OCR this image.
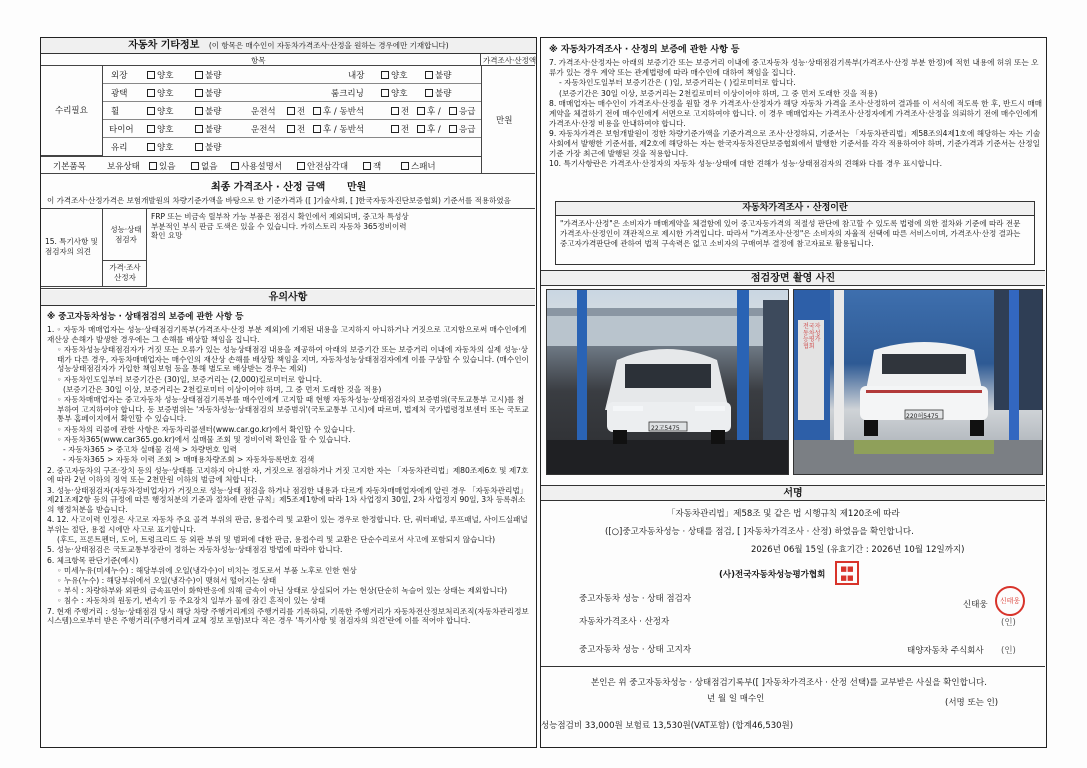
자동차 기타정보 (이 항목은 매수인이 자동차가격조사·산정을 원하는 경우에만 기재합니다)
항목	가격조사·산정액
수리필요
외장	양호	불량	내장	양호	불량
광택	양호	불량	룸크리닝	양호	불량
휠	양호	불량	운전석	전	후 / 동반석	전	후 /	응급
타이어	양호	불량	운전석	전	후 / 동반석	전	후 /	응급
유리	양호	불량
만원
기본품목 보유상태	있음	없음	사용설명서	안전삼각대	잭	스패너
최종 가격조사 · 산정 금액 만원
이 가격조사·산정가격은 보험개발원의 차량기준가액을 바탕으로 한 기준가격과 ([ ]기술사회, [ ]한국자동차진단보증협회) 기준서를 적용하였음
15. 특기사항 및 점검자의 의견
성능·상태 점검자
FRP 또는 비금속 릴부착 가능 부품은 점검시 확인에서 제외되며, 중고차 특성상 부분적인 부식 판금 도색은 있을 수 있습니다. 카히스토리 자동차 365정비이력 확인 요망
가격·조사 산정자
유의사항
※ 중고자동차성능 · 상태점검의 보증에 관한 사항 등
1. ◦ 자동차 매매업자는 성능·상태점검기록부(가격조사·산정 부분 제외)에 기재된 내용을 고지하지 아니하거나 거짓으로 고지함으로써 매수인에게 재산상 손해가 발생한 경우에는 그 손해를 배상할 책임을 집니다.
◦ 자동차성능상태점검자가 거짓 또는 오류가 있는 성능상태점검 내용을 제공하여 아래의 보증기간 또는 보증거리 이내에 자동차의 실제 성능·상태가 다른 경우, 자동차매매업자는 매수인의 재산상 손해를 배상할 책임을 지며, 자동차성능상태점검자에게 이를 구상할 수 있습니다. (매수인이 성능상태점검자가 가입한 책임보험 등을 통해 별도로 배상받는 경우는 제외)
◦ 자동차인도일부터 보증기간은 (30)일, 보증거리는 (2,000)킬로미터로 합니다.
(보증기간은 30일 이상, 보증거리는 2천킬로미터 이상이어야 하며, 그 중 먼저 도래한 것을 적용)
◦ 자동차매매업자는 중고자동차 성능·상태점검기록부를 매수인에게 고지할 때 현행 자동차성능·상태점검자의 보증범위(국토교통부 고시)를 첨부하여 고지하여야 합니다. 동 보증범위는 '자동차성능·상태점검의 보증범위'(국토교통부 고시)에 따르며, 법제처 국가법령정보센터 또는 국토교통부 홈페이지에서 확인할 수 있습니다.
◦ 자동차의 리콜에 관한 사항은 자동차리콜센터(www.car.go.kr)에서 확인할 수 있습니다.
◦ 자동차365(www.car365.go.kr)에서 실매물 조회 및 정비이력 확인을 할 수 있습니다.
- 자동차365 > 중고차 실매물 검색 > 차량번호 입력
- 자동차365 > 자동차 이력 조회 > 매매용차량조회 > 자동차등록번호 검색
2. 중고자동차의 구조·장치 등의 성능·상태를 고지하지 아니한 자, 거짓으로 점검하거나 거짓 고지한 자는 「자동차관리법」제80조제6호 및 제7호에 따라 2년 이하의 징역 또는 2천만원 이하의 벌금에 처합니다.
3. 성능·상태점검자(자동차정비업자)가 거짓으로 성능·상태 점검을 하거나 점검한 내용과 다르게 자동차매매업자에게 알린 경우 「자동차관리법」제21조제2항 등의 규정에 따른 행정처분의 기준과 절차에 관한 규칙」제5조제1항에 따라 1차 사업정지 30일, 2차 사업정지 90일, 3차 등록취소의 행정처분을 받습니다.
4. 12. 사고이력 인정은 사고로 자동차 주요 골격 부위의 판금, 용접수리 및 교환이 있는 경우로 한정합니다. 단, 쿼터패널, 루프패널, 사이드실패널 부위는 절단, 용접 시에만 사고로 표기합니다.
(후드, 프론트펜더, 도어, 트렁크리드 등 외판 부위 및 범퍼에 대한 판금, 용접수리 및 교환은 단순수리로서 사고에 포함되지 않습니다)
5. 성능·상태점검은 국토교통부장관이 정하는 자동차성능·상태점검 방법에 따라야 합니다.
6. 체크항목 판단기준(예시)
◦ 미세누유(미세누수) : 해당부위에 오일(냉각수)이 비치는 정도로서 부품 노후로 인한 현상
◦ 누유(누수) : 해당부위에서 오일(냉각수)이 맺혀서 떨어지는 상태
◦ 부식 : 차량하부와 외판의 금속표면이 화학반응에 의해 금속이 아닌 상태로 상실되어 가는 현상(단순히 녹슬어 있는 상태는 제외합니다)
◦ 침수 : 자동차의 원동기, 변속기 등 주요장치 일부가 물에 잠긴 흔적이 있는 상태
7. 현재 주행거리 : 성능·상태점검 당시 해당 차량 주행거리계의 주행거리를 기록하되, 기록한 주행거리가 자동차전산정보처리조직(자동차관리정보시스템)으로부터 받은 주행거리(주행거리계 교체 정보 포함)보다 적은 경우 '특기사항 및 점검자의 의견'란에 이를 적어야 합니다.
※ 자동차가격조사 · 산정의 보증에 관한 사항 등
7. 가격조사·산정자는 아래의 보증기간 또는 보증거리 이내에 중고자동차 성능·상태점검기록부(가격조사·산정 부분 한정)에 적힌 내용에 허위 또는 오류가 있는 경우 계약 또는 관계법령에 따라 매수인에 대하여 책임을 집니다.
- 자동차인도일부터 보증기간은 ( )일, 보증거리는 ( )킬로미터로 합니다.
(보증기간은 30일 이상, 보증거리는 2천킬로미터 이상이어야 하며, 그 중 먼저 도래한 것을 적용)
8. 매매업자는 매수인이 가격조사·산정을 원할 경우 가격조사·산정자가 해당 자동차 가격을 조사·산정하여 결과를 이 서식에 적도록 한 후, 반드시 매매계약을 체결하기 전에 매수인에게 서면으로 고지하여야 합니다. 이 경우 매매업자는 가격조사·산정자에게 가격조사·산정을 의뢰하기 전에 매수인에게 가격조사·산정 비용을 안내하여야 합니다.
9. 자동차가격은 보험개발원이 정한 차량기준가액을 기준가격으로 조사·산정하되, 기준서는 「자동차관리법」제58조의4제1호에 해당하는 자는 기술사회에서 발행한 기준서를, 제2호에 해당하는 자는 한국자동차진단보증협회에서 발행한 기준서를 각각 적용하여야 하며, 기준가격과 기준서는 산정일 기준 가장 최근에 발행된 것을 적용합니다.
10. 특기사항란은 가격조사·산정자의 자동차 성능·상태에 대한 견해가 성능·상태점검자의 견해와 다를 경우 표시합니다.
자동차가격조사 · 산정이란
"가격조사·산정"은 소비자가 매매계약을 체결함에 있어 중고자동가격의 적절성 판단에 참고할 수 있도록 법령에 의한 절차와 기준에 따라 전문 가격조사·산정인이 객관적으로 제시한 가격입니다. 따라서 "가격조사·산정"은 소비자의 자율적 선택에 따른 서비스이며, 가격조사·산정 결과는 중고자가격판단에 관하여 법적 구속력은 없고 소비자의 구매여부 결정에 참고자료로 활용됩니다.
점검장면 촬영 사진
22고5475
220허5475
전국자동차성능평가협회
서명
「자동차관리법」제58조 및 같은 법 시행규칙 제120조에 따라
([○]중고자동차성능 · 상태를 점검, [ ]자동차가격조사 · 산정) 하였음을 확인합니다.
2026년 06월 15일 (유효기간 : 2026년 10월 12일까지)
(사)전국자동차성능평가협회
■■
■■
중고자동차 성능 · 상태 점검자
신태웅	신태웅
(인)
자동차가격조사 · 산정자
중고자동차 성능 · 상태 고지자	태양자동차 주식회사 (인)
본인은 위 중고자동차성능 · 상태점검기록부([ ]자동차가격조사 · 산정 선택)를 교부받은 사실을 확인합니다.
년 월 일 매수인	(서명 또는 인)
성능점검비 33,000원 보험료 13,530원(VAT포함) (합계46,530원)
